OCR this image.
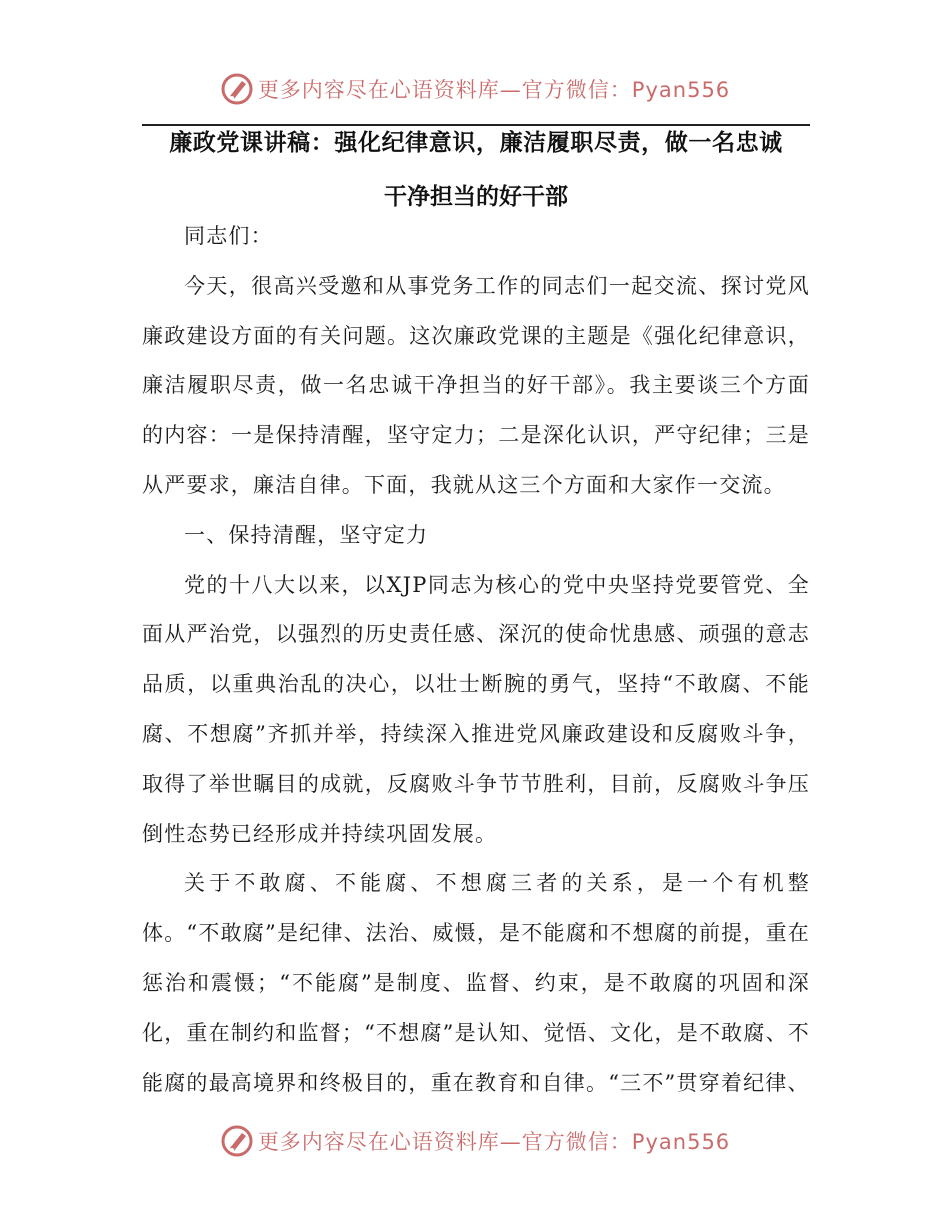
更多内容尽在心语资料库—官方微信：Pyan556
廉政党课讲稿：强化纪律意识，廉洁履职尽责，做一名忠诚
干净担当的好干部

同志们：

今天，很高兴受邀和从事党务工作的同志们一起交流、探讨党风廉政建设方面的有关问题。这次廉政党课的主题是《强化纪律意识，廉洁履职尽责，做一名忠诚干净担当的好干部》。我主要谈三个方面的内容：一是保持清醒，坚守定力；二是深化认识，严守纪律；三是从严要求，廉洁自律。下面，我就从这三个方面和大家作一交流。

一、保持清醒，坚守定力

党的十八大以来，以XJP同志为核心的党中央坚持党要管党、全面从严治党，以强烈的历史责任感、深沉的使命忧患感、顽强的意志品质，以重典治乱的决心，以壮士断腕的勇气，坚持“不敢腐、不能腐、不想腐”齐抓并举，持续深入推进党风廉政建设和反腐败斗争，取得了举世瞩目的成就，反腐败斗争节节胜利，目前，反腐败斗争压倒性态势已经形成并持续巩固发展。

关于不敢腐、不能腐、不想腐三者的关系，是一个有机整体。“不敢腐”是纪律、法治、威慑，是不能腐和不想腐的前提，重在惩治和震慑；“不能腐”是制度、监督、约束，是不敢腐的巩固和深化，重在制约和监督；“不想腐”是认知、觉悟、文化，是不敢腐、不能腐的最高境界和终极目的，重在教育和自律。“三不”贯穿着纪律、

更多内容尽在心语资料库—官方微信：Pyan556
